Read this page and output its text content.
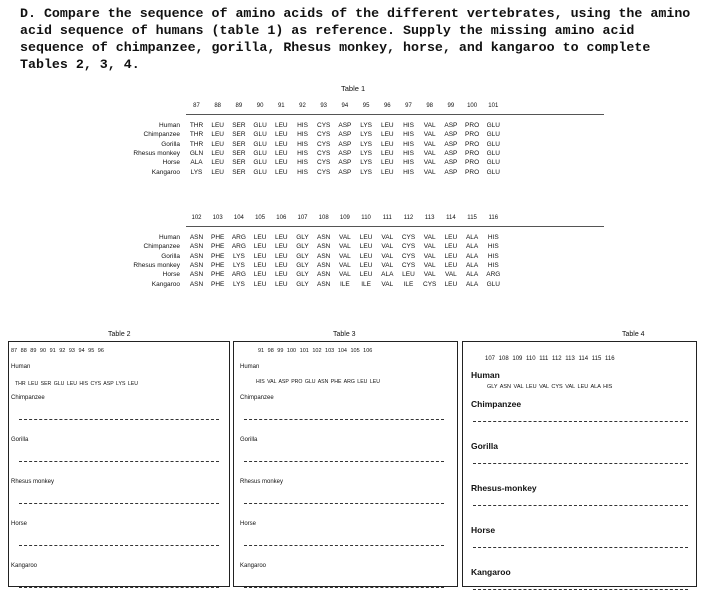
D. Compare the sequence of amino acids of the different vertebrates, using the amino acid sequence of humans (table 1) as reference. Supply the missing amino acid sequence of chimpanzee, gorilla, Rhesus monkey, horse, and kangaroo to complete Tables 2, 3, 4.
Table 1
87	88	89	90	91	92	93	94	95	96	97	98	99	100	101
Human	THR	LEU	SER	GLU	LEU	HIS	CYS	ASP	LYS	LEU	HIS	VAL	ASP	PRO	GLU
Chimpanzee	THR	LEU	SER	GLU	LEU	HIS	CYS	ASP	LYS	LEU	HIS	VAL	ASP	PRO	GLU
Gorilla	THR	LEU	SER	GLU	LEU	HIS	CYS	ASP	LYS	LEU	HIS	VAL	ASP	PRO	GLU
Rhesus monkey	GLN	LEU	SER	GLU	LEU	HIS	CYS	ASP	LYS	LEU	HIS	VAL	ASP	PRO	GLU
Horse	ALA	LEU	SER	GLU	LEU	HIS	CYS	ASP	LYS	LEU	HIS	VAL	ASP	PRO	GLU
Kangaroo	LYS	LEU	SER	GLU	LEU	HIS	CYS	ASP	LYS	LEU	HIS	VAL	ASP	PRO	GLU
102	103	104	105	106	107	108	109	110	111	112	113	114	115	116
Human	ASN	PHE	ARG	LEU	LEU	GLY	ASN	VAL	LEU	VAL	CYS	VAL	LEU	ALA	HIS
Chimpanzee	ASN	PHE	ARG	LEU	LEU	GLY	ASN	VAL	LEU	VAL	CYS	VAL	LEU	ALA	HIS
Gorilla	ASN	PHE	LYS	LEU	LEU	GLY	ASN	VAL	LEU	VAL	CYS	VAL	LEU	ALA	HIS
Rhesus monkey	ASN	PHE	LYS	LEU	LEU	GLY	ASN	VAL	LEU	VAL	CYS	VAL	LEU	ALA	HIS
Horse	ASN	PHE	ARG	LEU	LEU	GLY	ASN	VAL	LEU	ALA	LEU	VAL	VAL	ALA	ARG
Kangaroo	ASN	PHE	LYS	LEU	LEU	GLY	ASN	ILE	ILE	VAL	ILE	CYS	LEU	ALA	GLU
Table 2
87 88 89 90 91 92 93 94 95 96
Human
THR LEU SER GLU LEU HIS CYS ASP LYS LEU
Chimpanzee
Gorilla
Rhesus monkey
Horse
Kangaroo
Table 3
91 98 99 100 101 102 103 104 105 106
Human
HIS VAL ASP PRO GLU ASN PHE ARG LEU LEU
Chimpanzee
Gorilla
Rhesus monkey
Horse
Kangaroo
Table 4
107 108 109 110 111 112 113 114 115 116
Human
GLY ASN VAL LEU VAL CYS VAL LEU ALA HIS
Chimpanzee
Gorilla
Rhesus-monkey
Horse
Kangaroo
